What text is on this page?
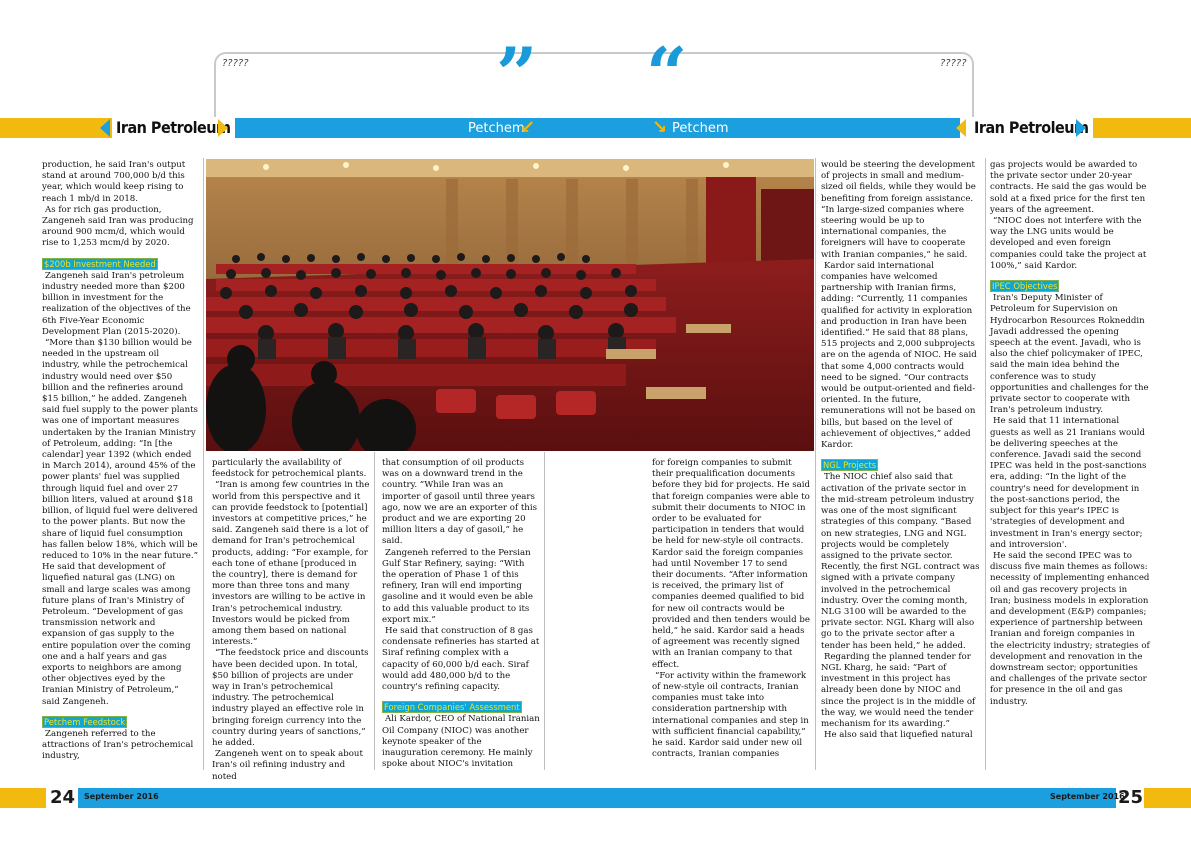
?????	?????
” “
Iran Petroleum	Petchem
↙	↘ Petchem	Iran Petroleum

production, he said Iran's output stand at around 700,000 b/d this year, which would keep rising to reach 1 mb/d in 2018.

As for rich gas production, Zangeneh said Iran was producing around 900 mcm/d, which would rise to 1,253 mcm/d by 2020.

$200b Investment Needed

Zangeneh said Iran's petroleum industry needed more than $200 billion in investment for the realization of the objectives of the 6th Five-Year Economic Development Plan (2015-2020).

“More than $130 billion would be needed in the upstream oil industry, while the petrochemical industry would need over $50 billion and the refineries around $15 billion,” he added. Zangeneh said fuel supply to the power plants was one of important measures undertaken by the Iranian Ministry of Petroleum, adding: “In [the calendar] year 1392 (which ended in March 2014), around 45% of the power plants' fuel was supplied through liquid fuel and over 27 billion liters, valued at around $18 billion, of liquid fuel were delivered to the power plants. But now the share of liquid fuel consumption has fallen below 18%, which will be reduced to 10% in the near future.” He said that development of liquefied natural gas (LNG) on small and large scales was among future plans of Iran's Ministry of Petroleum. “Development of gas transmission network and expansion of gas supply to the entire population over the coming one and a half years and gas exports to neighbors are among other objectives eyed by the Iranian Ministry of Petroleum,” said Zangeneh.

Petchem Feedstock

Zangeneh referred to the attractions of Iran's petrochemical industry,

particularly the availability of feedstock for petrochemical plants.

“Iran is among few countries in the world from this perspective and it can provide feedstock to [potential] investors at competitive prices,” he said. Zangeneh said there is a lot of demand for Iran's petrochemical products, adding: “For example, for each tone of ethane [produced in the country], there is demand for more than three tons and many investors are willing to be active in Iran's petrochemical industry. Investors would be picked from among them based on national interests.”

“The feedstock price and discounts have been decided upon. In total, $50 billion of projects are under way in Iran's petrochemical industry. The petrochemical industry played an effective role in bringing foreign currency into the country during years of sanctions,” he added.

Zangeneh went on to speak about Iran's oil refining industry and noted

that consumption of oil products was on a downward trend in the country. “While Iran was an importer of gasoil until three years ago, now we are an exporter of this product and we are exporting 20 million liters a day of gasoil,” he said.

Zangeneh referred to the Persian Gulf Star Refinery, saying: “With the operation of Phase 1 of this refinery, Iran will end importing gasoline and it would even be able to add this valuable product to its export mix.”

He said that construction of 8 gas condensate refineries has started at Siraf refining complex with a capacity of 60,000 b/d each. Siraf would add 480,000 b/d to the country's refining capacity.

Foreign Companies' Assessment

Ali Kardor, CEO of National Iranian Oil Company (NIOC) was another keynote speaker of the inauguration ceremony. He mainly spoke about NIOC's invitation

for foreign companies to submit their prequalification documents before they bid for projects. He said that foreign companies were able to submit their documents to NIOC in order to be evaluated for participation in tenders that would be held for new-style oil contracts. Kardor said the foreign companies had until November 17 to send their documents. “After information is received, the primary list of companies deemed qualified to bid for new oil contracts would be provided and then tenders would be held,” he said. Kardor said a heads of agreement was recently signed with an Iranian company to that effect.

“For activity within the framework of new-style oil contracts, Iranian companies must take into consideration partnership with international companies and step in with sufficient financial capability,” he said. Kardor said under new oil contracts, Iranian companies

would be steering the development of projects in small and medium-sized oil fields, while they would be benefiting from foreign assistance. “In large-sized companies where steering would be up to international companies, the foreigners will have to cooperate with Iranian companies,” he said.

Kardor said international companies have welcomed partnership with Iranian firms, adding: “Currently, 11 companies qualified for activity in exploration and production in Iran have been identified.” He said that 88 plans, 515 projects and 2,000 subprojects are on the agenda of NIOC. He said that some 4,000 contracts would need to be signed. “Our contracts would be output-oriented and field-oriented. In the future, remunerations will not be based on bills, but based on the level of achievement of objectives,” added Kardor.

NGL Projects

The NIOC chief also said that activation of the private sector in the mid-stream petroleum industry was one of the most significant strategies of this company. “Based on new strategies, LNG and NGL projects would be completely assigned to the private sector. Recently, the first NGL contract was signed with a private company involved in the petrochemical industry. Over the coming month, NLG 3100 will be awarded to the private sector. NGL Kharg will also go to the private sector after a tender has been held,” he added.

Regarding the planned tender for NGL Kharg, he said: “Part of investment in this project has already been done by NIOC and since the project is in the middle of the way, we would need the tender mechanism for its awarding.”

He also said that liquefied natural

gas projects would be awarded to the private sector under 20-year contracts. He said the gas would be sold at a fixed price for the first ten years of the agreement.

“NIOC does not interfere with the way the LNG units would be developed and even foreign companies could take the project at 100%,” said Kardor.

IPEC Objectives

Iran's Deputy Minister of Petroleum for Supervision on Hydrocarbon Resources Rokneddin Javadi addressed the opening speech at the event. Javadi, who is also the chief policymaker of IPEC, said the main idea behind the conference was to study opportunities and challenges for the private sector to cooperate with Iran's petroleum industry.

He said that 11 international guests as well as 21 Iranians would be delivering speeches at the conference. Javadi said the second IPEC was held in the post-sanctions era, adding: “In the light of the country's need for development in the post-sanctions period, the subject for this year's IPEC is 'strategies of development and investment in Iran's energy sector; and introversion'.

He said the second IPEC was to discuss five main themes as follows: necessity of implementing enhanced oil and gas recovery projects in Iran; business models in exploration and development (E&P) companies; experience of partnership between Iranian and foreign companies in the electricity industry; strategies of development and renovation in the downstream sector; opportunities and challenges of the private sector for presence in the oil and gas industry.

24 September 2016	September 2016
25
